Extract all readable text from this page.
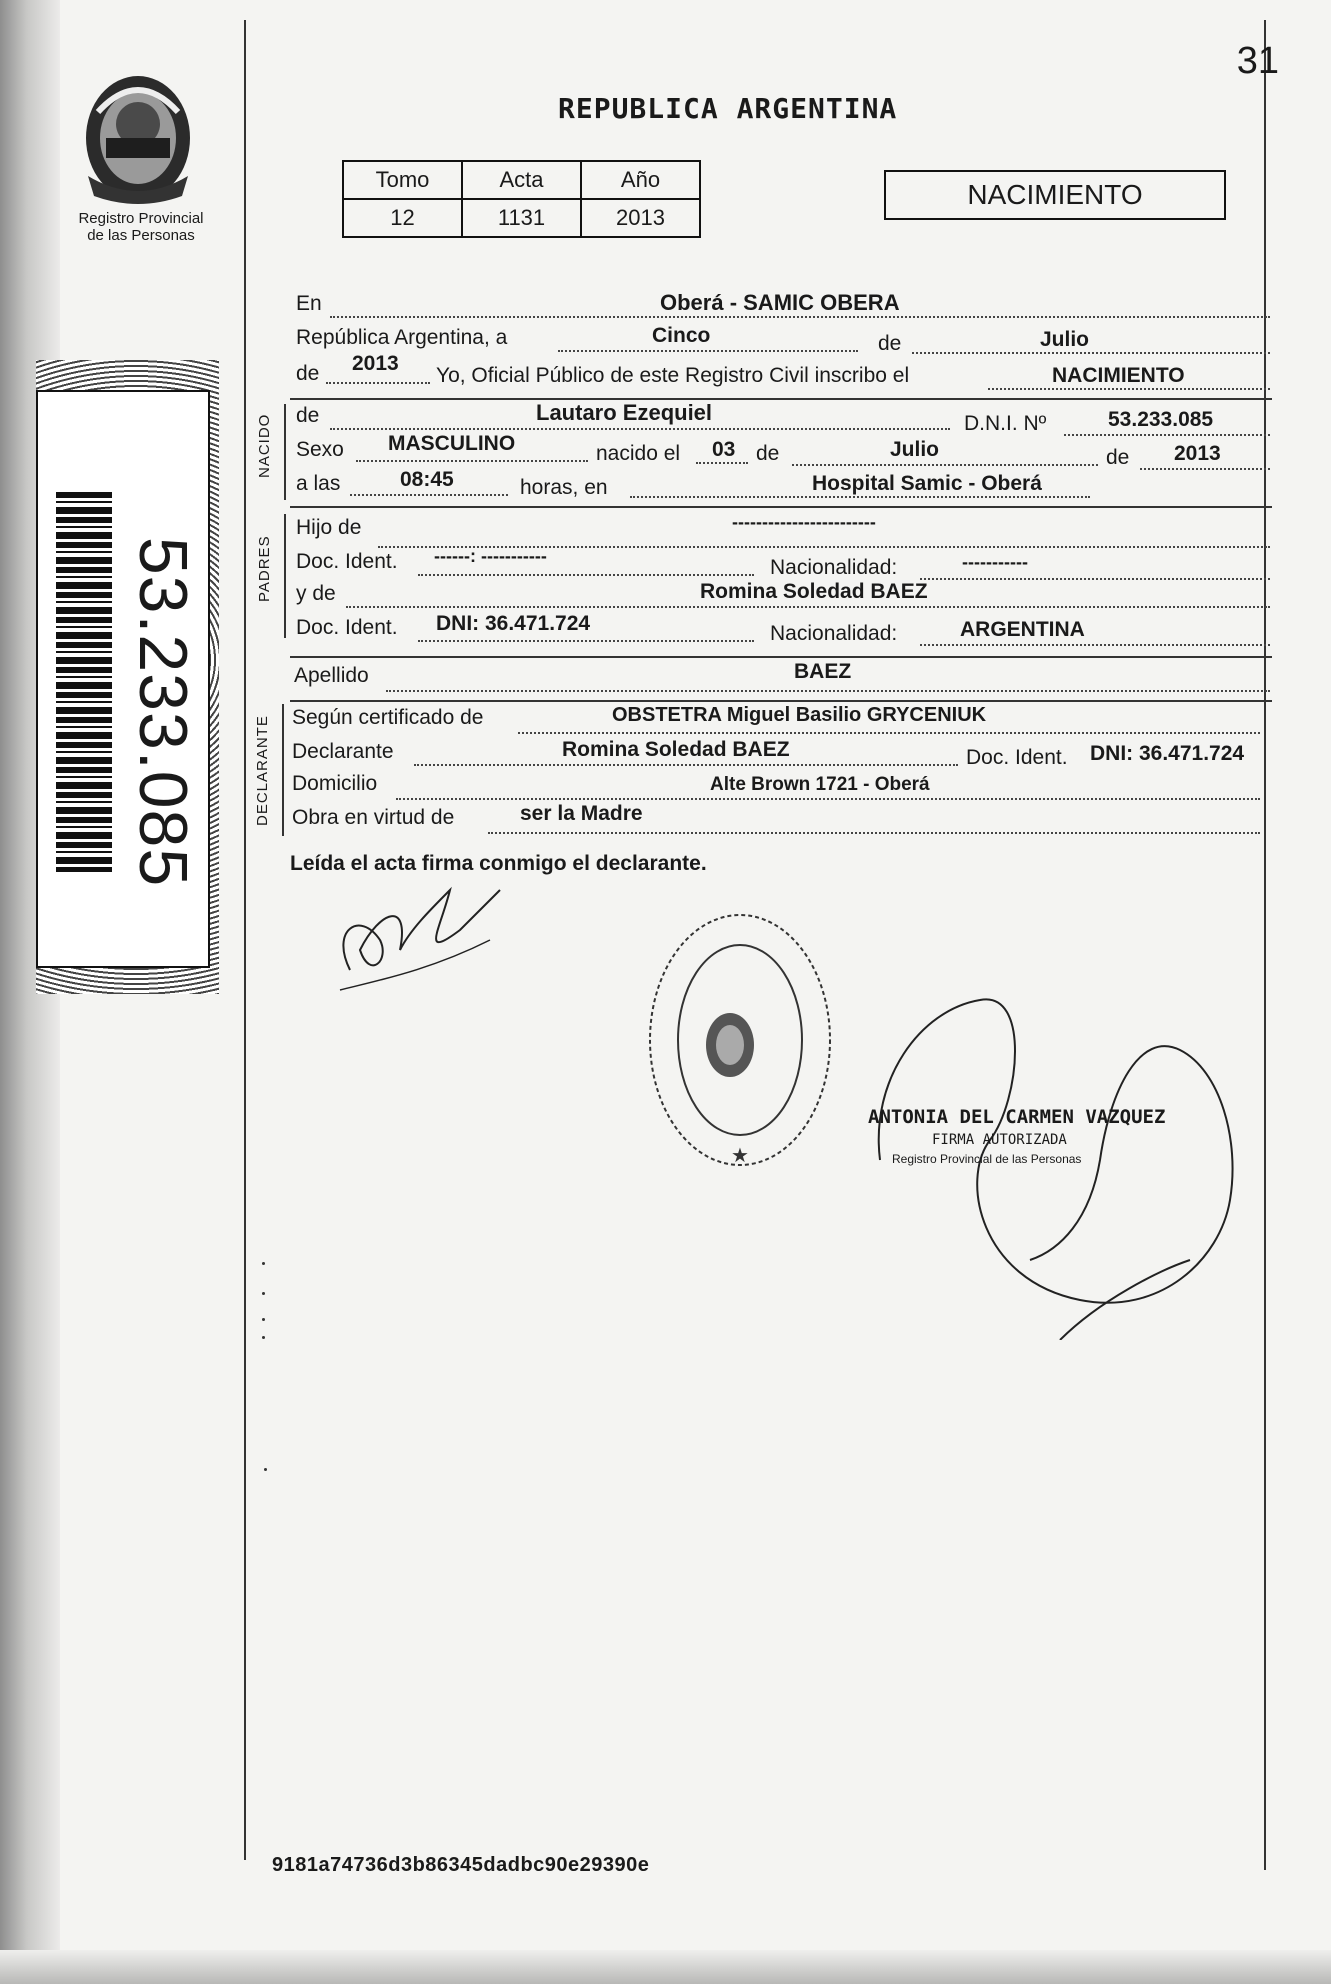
31
REPUBLICA ARGENTINA
Registro Provincial
de las Personas
53.233.085
Tomo	Acta	Año
12	1131	2013
NACIMIENTO
En	Oberá - SAMIC OBERA
República Argentina, a	Cinco	de	Julio
de 2013
Yo, Oficial Público de este Registro Civil inscribo el	NACIMIENTO
NACIDO de	Lautaro Ezequiel	D.N.I. Nº	53.233.085
Sexo MASCULINO	nacido el 03 de	Julio	de 2013
a las	08:45	horas, en	Hospital Samic - Oberá
PADRES
Hijo de	------------------------
Doc. Ident. ------: -----------	Nacionalidad:	-----------
y de	Romina Soledad BAEZ
Doc. Ident. DNI: 36.471.724	Nacionalidad:	ARGENTINA
Apellido	BAEZ
DECLARANTE Según certificado de	OBSTETRA Miguel Basilio GRYCENIUK
Declarante	Romina Soledad BAEZ	Doc. Ident. DNI: 36.471.724
Domicilio	Alte Brown 1721 - Oberá
Obra en virtud de	ser la Madre
Leída el acta firma conmigo el declarante.
★
ANTONIA DEL CARMEN VAZQUEZ
FIRMA AUTORIZADA
Registro Provincial de las Personas
9181a74736d3b86345dadbc90e29390e
